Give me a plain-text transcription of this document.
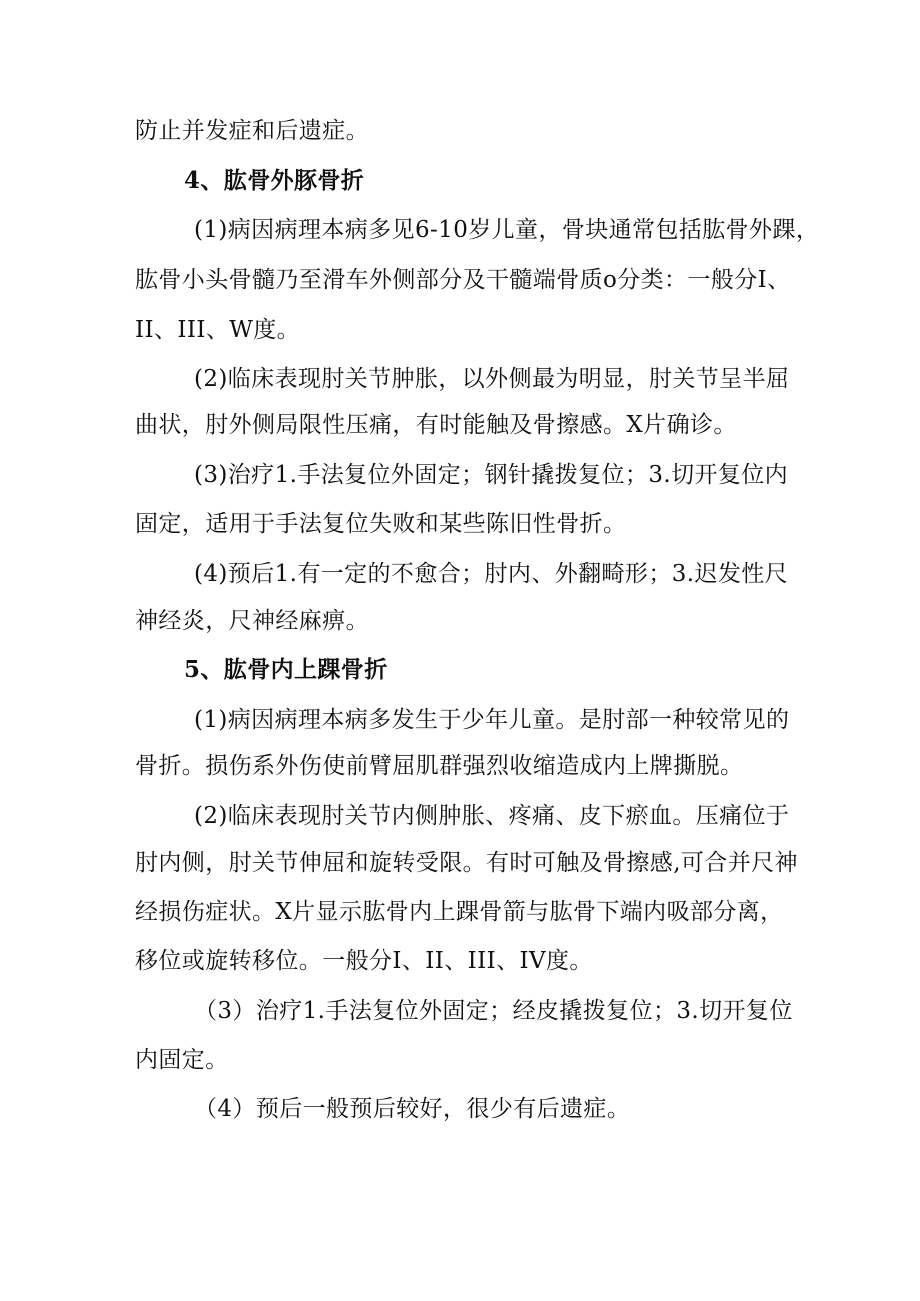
防止并发症和后遗症。
4、肱骨外豚骨折
(1)病因病理本病多见6-10岁儿童，骨块通常包括肱骨外踝，
肱骨小头骨髓乃至滑车外侧部分及干髓端骨质o分类：一般分I、
II、III、W度。
(2)临床表现肘关节肿胀，以外侧最为明显，肘关节呈半屈
曲状，肘外侧局限性压痛，有时能触及骨擦感。X片确诊。
(3)治疗1.手法复位外固定；钢针撬拨复位；3.切开复位内
固定，适用于手法复位失败和某些陈旧性骨折。
(4)预后1.有一定的不愈合；肘内、外翻畸形；3.迟发性尺
神经炎，尺神经麻痹。
5、肱骨内上踝骨折
(1)病因病理本病多发生于少年儿童。是肘部一种较常见的
骨折。损伤系外伤使前臂屈肌群强烈收缩造成内上牌撕脱。
(2)临床表现肘关节内侧肿胀、疼痛、皮下瘀血。压痛位于
肘内侧，肘关节伸屈和旋转受限。有时可触及骨擦感,可合并尺神
经损伤症状。X片显示肱骨内上踝骨箭与肱骨下端内吸部分离，
移位或旋转移位。一般分I、II、III、IV度。
（3）治疗1.手法复位外固定；经皮撬拨复位；3.切开复位
内固定。
（4）预后一般预后较好，很少有后遗症。
